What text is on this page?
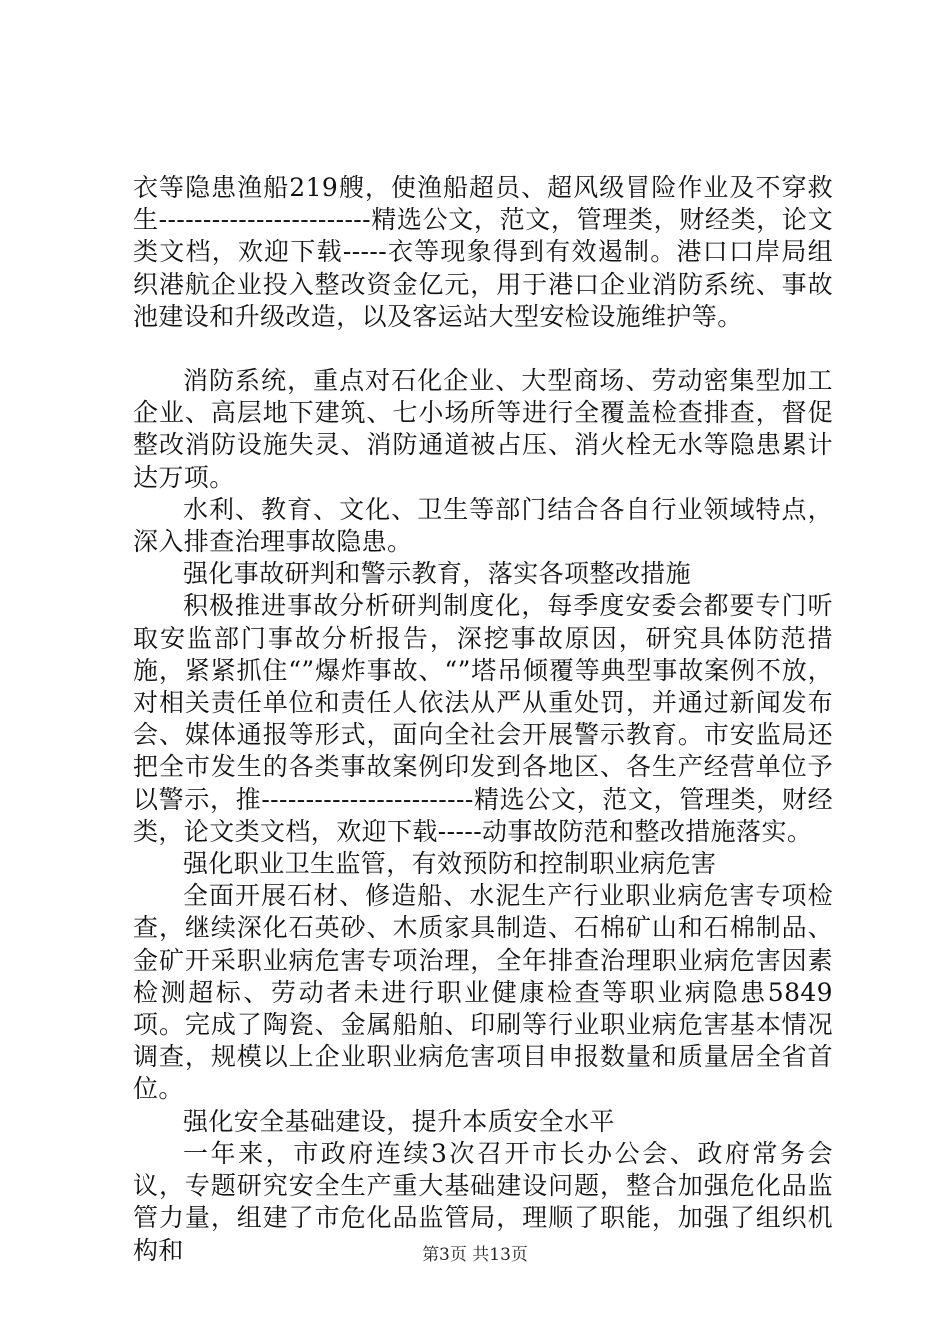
衣等隐患渔船219艘，使渔船超员、超风级冒险作业及不穿救生------------------------精选公文，范文，管理类，财经类，论文类文档，欢迎下载-----衣等现象得到有效遏制。港口口岸局组织港航企业投入整改资金亿元，用于港口企业消防系统、事故池建设和升级改造，以及客运站大型安检设施维护等。

消防系统，重点对石化企业、大型商场、劳动密集型加工企业、高层地下建筑、七小场所等进行全覆盖检查排查，督促整改消防设施失灵、消防通道被占压、消火栓无水等隐患累计达万项。

水利、教育、文化、卫生等部门结合各自行业领域特点，深入排查治理事故隐患。

强化事故研判和警示教育，落实各项整改措施

积极推进事故分析研判制度化，每季度安委会都要专门听取安监部门事故分析报告，深挖事故原因，研究具体防范措施，紧紧抓住“”爆炸事故、“”塔吊倾覆等典型事故案例不放，对相关责任单位和责任人依法从严从重处罚，并通过新闻发布会、媒体通报等形式，面向全社会开展警示教育。市安监局还把全市发生的各类事故案例印发到各地区、各生产经营单位予以警示，推------------------------精选公文，范文，管理类，财经类，论文类文档，欢迎下载-----动事故防范和整改措施落实。

强化职业卫生监管，有效预防和控制职业病危害

全面开展石材、修造船、水泥生产行业职业病危害专项检查，继续深化石英砂、木质家具制造、石棉矿山和石棉制品、金矿开采职业病危害专项治理，全年排查治理职业病危害因素检测超标、劳动者未进行职业健康检查等职业病隐患5849项。完成了陶瓷、金属船舶、印刷等行业职业病危害基本情况调查，规模以上企业职业病危害项目申报数量和质量居全省首位。

强化安全基础建设，提升本质安全水平

一年来，市政府连续3次召开市长办公会、政府常务会议，专题研究安全生产重大基础建设问题，整合加强危化品监管力量，组建了市危化品监管局，理顺了职能，加强了组织机构和	第3页 共13页
